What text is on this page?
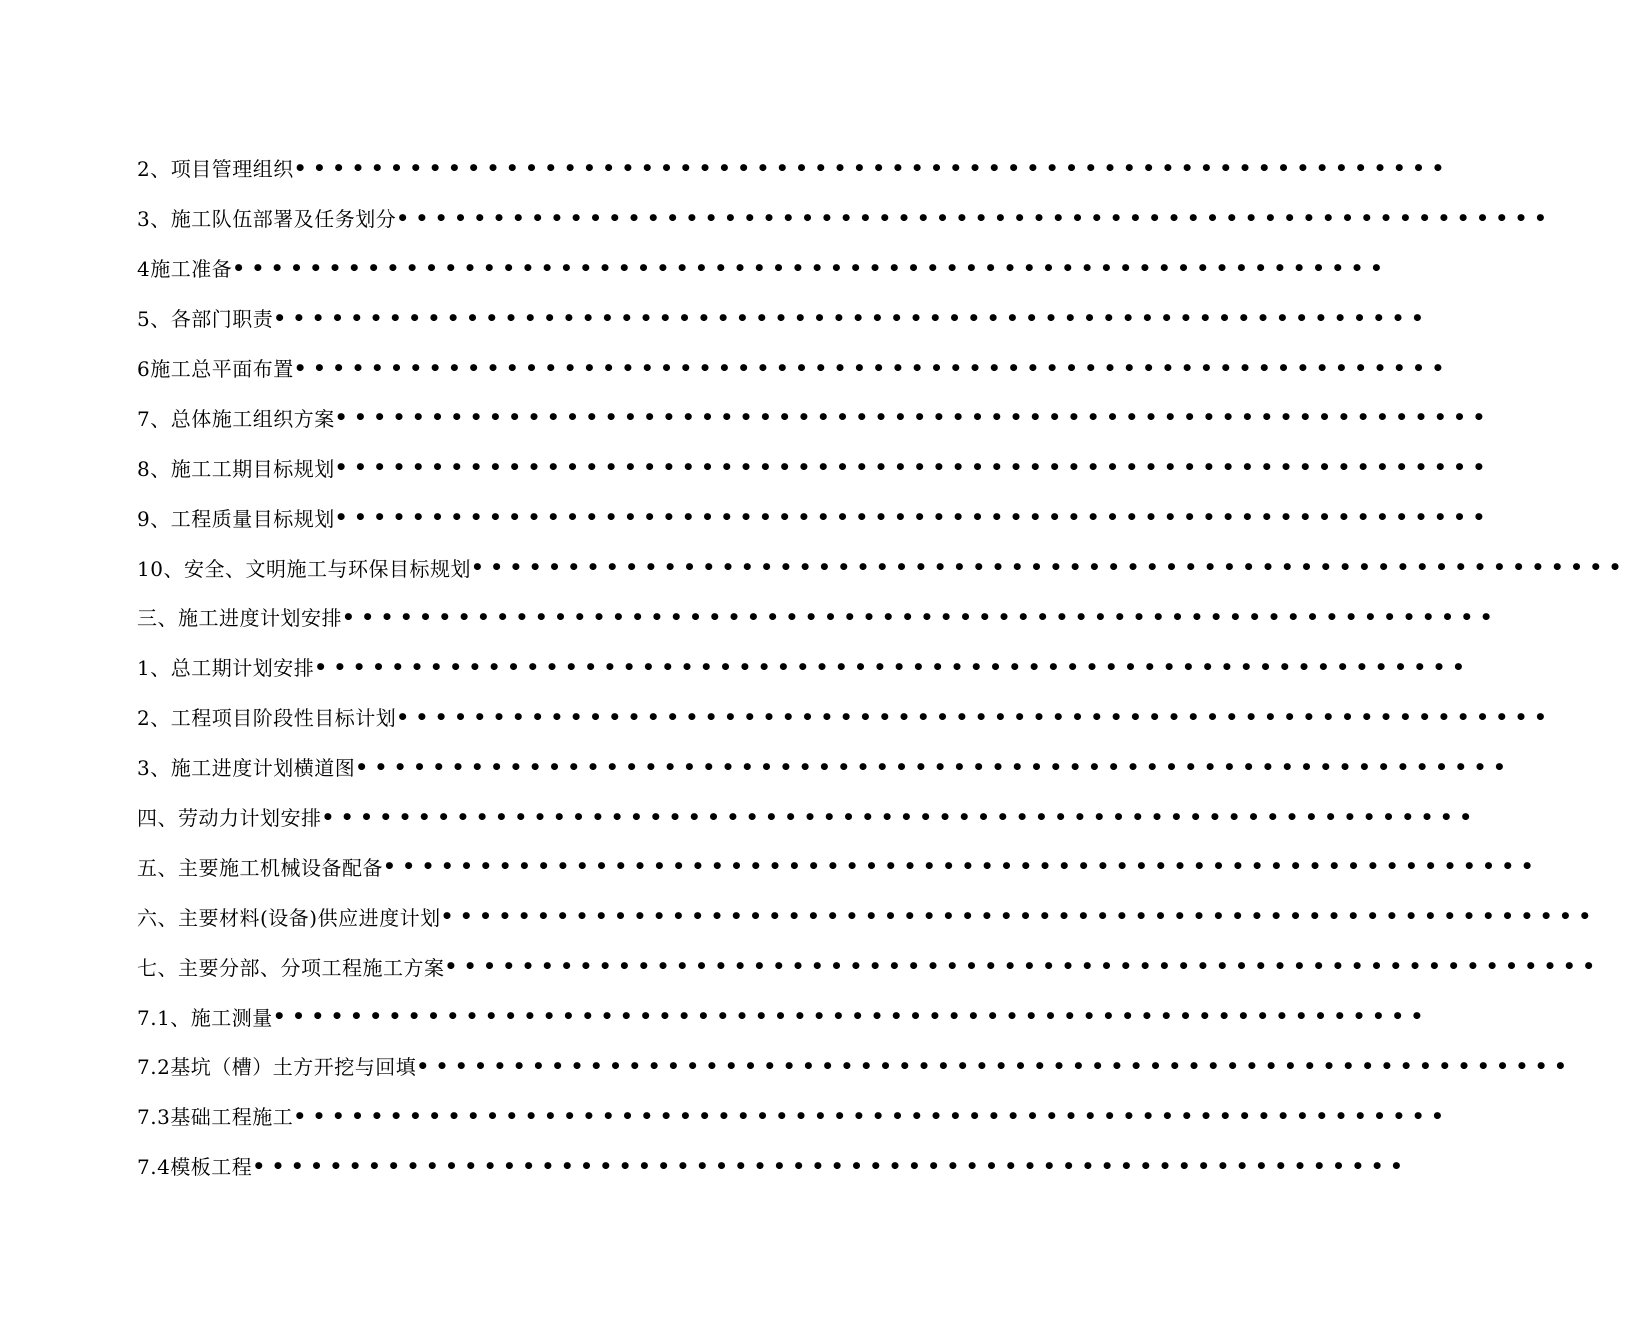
2、项目管理组织 ••••••••••••••••••••••••••••••••••••••••••••••••••••••••••••
3、施工队伍部署及任务划分 ••••••••••••••••••••••••••••••••••••••••••••••••••••••••••••
4施工准备 ••••••••••••••••••••••••••••••••••••••••••••••••••••••••••••
5、各部门职责 ••••••••••••••••••••••••••••••••••••••••••••••••••••••••••••
6施工总平面布置 ••••••••••••••••••••••••••••••••••••••••••••••••••••••••••••
7、总体施工组织方案 ••••••••••••••••••••••••••••••••••••••••••••••••••••••••••••
8、施工工期目标规划 ••••••••••••••••••••••••••••••••••••••••••••••••••••••••••••
9、工程质量目标规划 ••••••••••••••••••••••••••••••••••••••••••••••••••••••••••••
10、安全、文明施工与环保目标规划 ••••••••••••••••••••••••••••••••••••••••••••••••••••••••••••
三、施工进度计划安排 ••••••••••••••••••••••••••••••••••••••••••••••••••••••••••••
1、总工期计划安排 ••••••••••••••••••••••••••••••••••••••••••••••••••••••••••••
2、工程项目阶段性目标计划 ••••••••••••••••••••••••••••••••••••••••••••••••••••••••••••
3、施工进度计划横道图 ••••••••••••••••••••••••••••••••••••••••••••••••••••••••••••
四、劳动力计划安排 ••••••••••••••••••••••••••••••••••••••••••••••••••••••••••••
五、主要施工机械设备配备 ••••••••••••••••••••••••••••••••••••••••••••••••••••••••••••
六、主要材料(设备)供应进度计划 ••••••••••••••••••••••••••••••••••••••••••••••••••••••••••••
七、主要分部、分项工程施工方案 ••••••••••••••••••••••••••••••••••••••••••••••••••••••••••••
7.1、施工测量 ••••••••••••••••••••••••••••••••••••••••••••••••••••••••••••
7.2基坑（槽）土方开挖与回填 ••••••••••••••••••••••••••••••••••••••••••••••••••••••••••••
7.3基础工程施工 ••••••••••••••••••••••••••••••••••••••••••••••••••••••••••••
7.4模板工程 ••••••••••••••••••••••••••••••••••••••••••••••••••••••••••••
